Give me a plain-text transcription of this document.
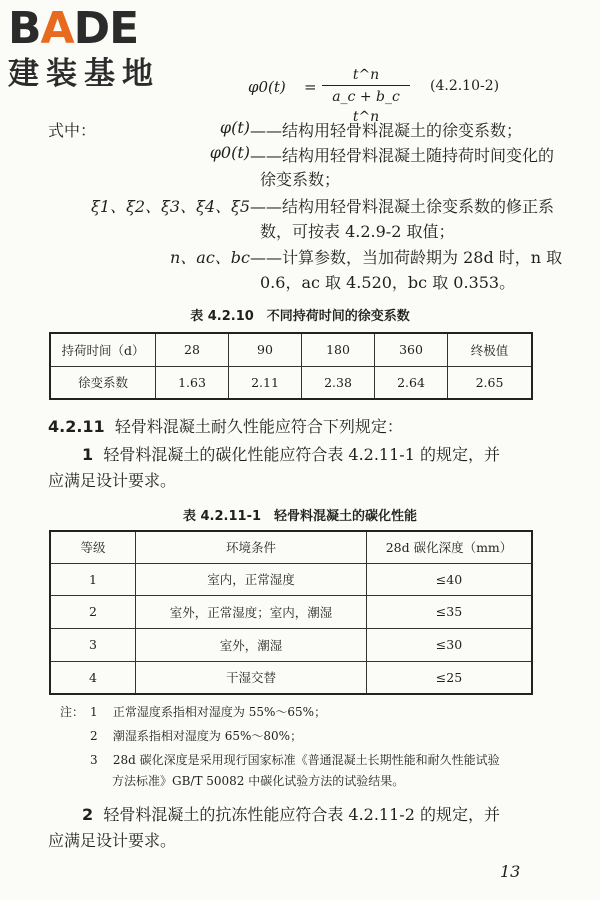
BADE
建装基地	φ0(t) =
t^n
a_c + b_c t^n
(4.2.10-2)
式中：	φ(t) ——结构用轻骨料混凝土的徐变系数；
φ0(t) ——结构用轻骨料混凝土随持荷时间变化的
徐变系数；
ξ1、ξ2、ξ3、ξ4、ξ5 ——结构用轻骨料混凝土徐变系数的修正系
数，可按表 4.2.9-2 取值；
n、ac、bc ——计算参数，当加荷龄期为 28d 时，n 取
0.6，ac 取 4.520，bc 取 0.353。
表 4.2.10　不同持荷时间的徐变系数
持荷时间（d）	28	90	180	360	终极值
徐变系数	1.63	2.11	2.38	2.64	2.65
4.2.11 轻骨料混凝土耐久性能应符合下列规定：
1 轻骨料混凝土的碳化性能应符合表 4.2.11-1 的规定，并
应满足设计要求。
表 4.2.11-1　轻骨料混凝土的碳化性能
等级	环境条件	28d 碳化深度（mm）
1	室内，正常湿度	≤40
2	室外，正常湿度；室内，潮湿	≤35
3	室外，潮湿	≤30
4	干湿交替	≤25
注： 1 正常湿度系指相对湿度为 55%～65%；
2 潮湿系指相对湿度为 65%～80%；
3 28d 碳化深度是采用现行国家标准《普通混凝土长期性能和耐久性能试验
方法标准》GB/T 50082 中碳化试验方法的试验结果。
2 轻骨料混凝土的抗冻性能应符合表 4.2.11-2 的规定，并
应满足设计要求。
13
